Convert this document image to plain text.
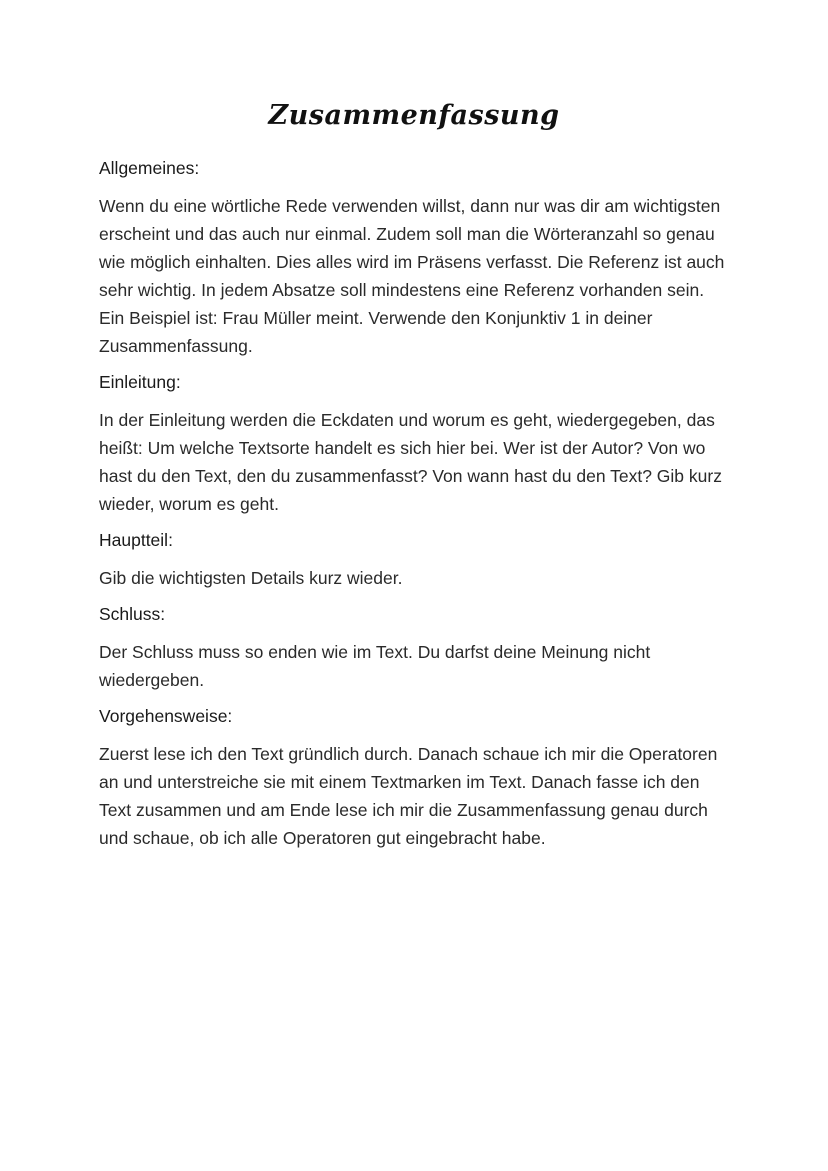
Zusammenfassung
Allgemeines:
Wenn du eine wörtliche Rede verwenden willst, dann nur was dir am wichtigsten erscheint und das auch nur einmal. Zudem soll man die Wörteranzahl so genau wie möglich einhalten. Dies alles wird im Präsens verfasst. Die Referenz ist auch sehr wichtig. In jedem Absatze soll mindestens eine Referenz vorhanden sein. Ein Beispiel ist: Frau Müller meint. Verwende den Konjunktiv 1 in deiner Zusammenfassung.
Einleitung:
In der Einleitung werden die Eckdaten und worum es geht, wiedergegeben, das heißt: Um welche Textsorte handelt es sich hier bei. Wer ist der Autor? Von wo hast du den Text, den du zusammenfasst? Von wann hast du den Text? Gib kurz wieder, worum es geht.
Hauptteil:
Gib die wichtigsten Details kurz wieder.
Schluss:
Der Schluss muss so enden wie im Text. Du darfst deine Meinung nicht wiedergeben.
Vorgehensweise:
Zuerst lese ich den Text gründlich durch. Danach schaue ich mir die Operatoren an und unterstreiche sie mit einem Textmarken im Text. Danach fasse ich den Text zusammen und am Ende lese ich mir die Zusammenfassung genau durch und schaue, ob ich alle Operatoren gut eingebracht habe.
